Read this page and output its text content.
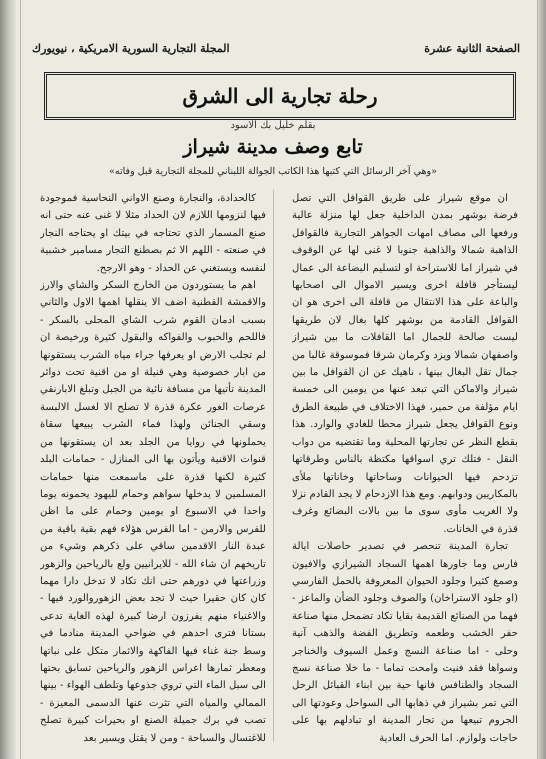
الصفحة الثانية عشرة
المجلة التجارية السورية الامريكية ، نيويورك
رحلة تجارية الى الشرق
بقلم خليل بك الاسود
تابع وصف مدينة شيراز
«وهي آخر الرسائل التي كتبها هذا الكاتب الجوالة اللبناني للمجلة التجارية قبل وفاته»

ان موقع شيراز على طريق القوافل التي تصل فرضة بوشهر بمدن الداخلية جعل لها منزلة عالية ورفعها الى مصاف امهات الجواهر التجارية فالقوافل الذاهبة شمالا والذاهبة جنوبا لا غنى لها عن الوقوف في شيراز اما للاستراحة او لتسليم البضاعة الى عمال ليستأجر قافلة اخرى ويسير الاموال الى اصحابها والباعة على هذا الانتقال من قافلة الى اخرى هو ان القوافل القادمة من بوشهر كلها بغال لان طريقها ليست صالحة للجمال اما القافلات ما بين شيراز واصفهان شمالا ويزد وكرمان شرقا فموسوقة غالبا من جمال تقل البغال بينها ، ناهيك عن ان القوافل ما بين شيراز والاماكن التي تبعد عنها من يومين الى خمسة ايام مؤلفة من حمير، فهذا الاختلاف في طبيعة الطرق ونوع القوافل يجعل شيراز محطا للغادي والوارد. هذا بقطع النظر عن تجارتها المحلية وما تقتضيه من دواب النقل - فتلك تري اسواقها مكتظة بالناس وطرقاتها تزدحم فيها الحيوانات وساحاتها وخاناتها ملأى بالمكاريين ودوابهم. ومع هذا الازدحام لا يجد القادم نزلا ولا الغريب مأوى سوى ما بين بالات البضائع وغرف قذرة في الخانات.

تجارة المدينة تنحصر في تصدير حاصلات ايالة فارس وما جاورها اهمها السجاد الشيرازي والافيون وصمغ كثيرا وجلود الحيوان المعروفة بالحمل الفارسي (او جلود الاستراخان) والصوف وجلود الضأن والماعز - فهما من الصنائع القديمة بقايا تكاد تضمحل منها صناعة حفر الخشب وطعمه وتطريق الفضة والذهب آنية وحلى - اما صناعة النسج وعمل السيوف والخناجر وسواها فقد فنيت وامحت تماما - ما خلا صناعة نسج السجاد والطنافس فانها حية بين ابناء القبائل الرحل التي تمر بشيراز في ذهابها الى السواحل وعودتها الى الجروم تبيعها من تجار المدينة او تبادلهم بها على حاجات ولوازم. اما الحرف العادية

كالحدادة، والنجارة وصنع الاواني النحاسية فموجودة فيها لنزومها اللازم لان الحداد مثلا لا غنى عنه حتى انه صنع المسمار الذي تحتاجه في بيتك او يحتاجه النجار في صنعته - اللهم الا ثم بصطنع التجار مسامير خشبية لنفسه ويستغني عن الحداد - وهو الارجح.

اهم ما يستوردون من الخارج السكر والشاي والارز والاقمشة القطنية اضف الا ينقلها اهمها الاول والثاني بسبب ادمان القوم شرب الشاي المحلى بالسكر - فاللحم والحبوب والفواكه والبقول كثيرة ورخيصة ان لم تجلب الارض او يعرفها جراء مياه الشرب يستقونها من ابار خصوصية وهي قنيلة او من اقنية تحت دوائر المدينة تأتيها من مسافة نائية من الجبل وتبلغ الابارنقي عرصات الغور عكرة قذرة لا تصلح الا لغسل الالبسة وسقي الجنائن ولهذا فماء الشرب يبيعها سقاة يحملونها في روايا من الجلد بعد ان يستقونها من قنوات الاقنية ويأتون بها الى المنازل - حمامات البلد كثيرة لكنها قذرة على ماسمعت منها حمامات المسلمين لا يدخلها سواهم وحمام لليهود يحمونه يوما واحدا في الاسبوع او يومين وحمام على ما اظن للفرس والارمن - اما الفرس هؤلاء فهم بقية باقية من عبدة النار الاقدمين ساقي على ذكرهم وشيء من تاريخهم ان شاء الله - للايرانيين ولع بالرياحين والزهور وزراعتها في دورهم حتى انك تكاد لا تدخل دارا مهما كان كان حقيرا حيث لا تجد بعض الزهوروالورد فيها - والاغنياء منهم يفرزون ارضا كبيرة لهذه الغاية تدعى بستانا فترى احدهم في ضواحي المدينة منادما في وسط جنة غناء فيها الفاكهة والاثمار متكل على نباتها ومعطر ثمارها اعراس الزهور والرياحين تسابق بحتها الى سبل الماء التي تروي جذوعها وتلطف الهواء - بينها الممالي والمياه التي تثرت عنها الدسمى المعيزة - تصب في برك جميلة الصنع او بحيرات كبيرة تصلح للاغتسال والسباحة - ومن لا يقتل ويسير بعد
